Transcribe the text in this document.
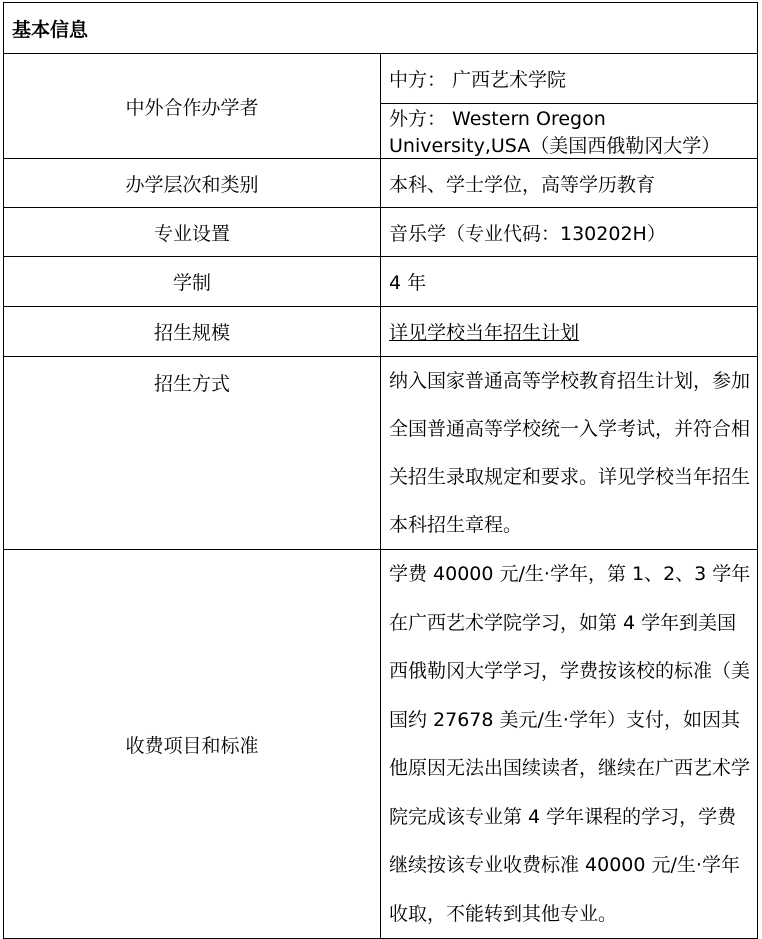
基本信息	
中外合作办学者	中方： 广西艺术学院
	外方： Western Oregon University,USA（美国西俄勒冈大学）
办学层次和类别	本科、学士学位，高等学历教育
专业设置	音乐学（专业代码：130202H）
学制	4 年
招生规模	详见学校当年招生计划
招生方式	纳入国家普通高等学校教育招生计划，参加全国普通高等学校统一入学考试，并符合相关招生录取规定和要求。详见学校当年招生本科招生章程。
收费项目和标准	学费 40000 元/生·学年，第 1、2、3 学年在广西艺术学院学习，如第 4 学年到美国西俄勒冈大学学习，学费按该校的标准（美国约 27678 美元/生·学年）支付，如因其他原因无法出国续读者，继续在广西艺术学院完成该专业第 4 学年课程的学习，学费继续按该专业收费标准 40000 元/生·学年收取，不能转到其他专业。
